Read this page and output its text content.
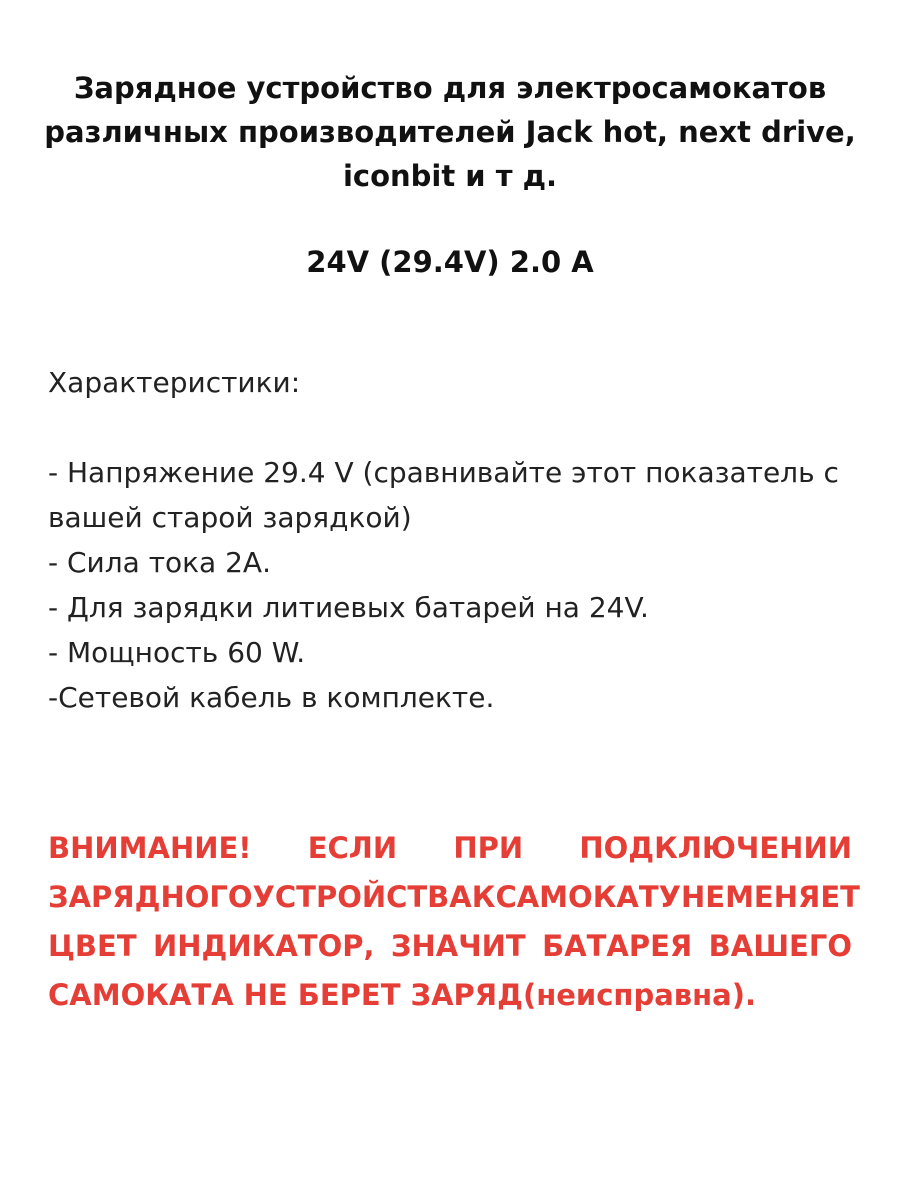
Зарядное устройство для электросамокатов
различных производителей Jack hot, next drive,
iconbit и т д.
24V (29.4V) 2.0 A
Характеристики:
- Напряжение 29.4 V (сравнивайте этот показатель с
вашей старой зарядкой)
- Сила тока 2А.
- Для зарядки литиевых батарей на 24V.
- Мощность 60 W.
-Сетевой кабель в комплекте.
ВНИМАНИЕ! ЕСЛИ ПРИ ПОДКЛЮЧЕНИИ
ЗАРЯДНОГО УСТРОЙСТВА К САМОКАТУ НЕ МЕНЯЕТ
ЦВЕТ ИНДИКАТОР, ЗНАЧИТ БАТАРЕЯ ВАШЕГО
САМОКАТА НЕ БЕРЕТ ЗАРЯД(неисправна).
